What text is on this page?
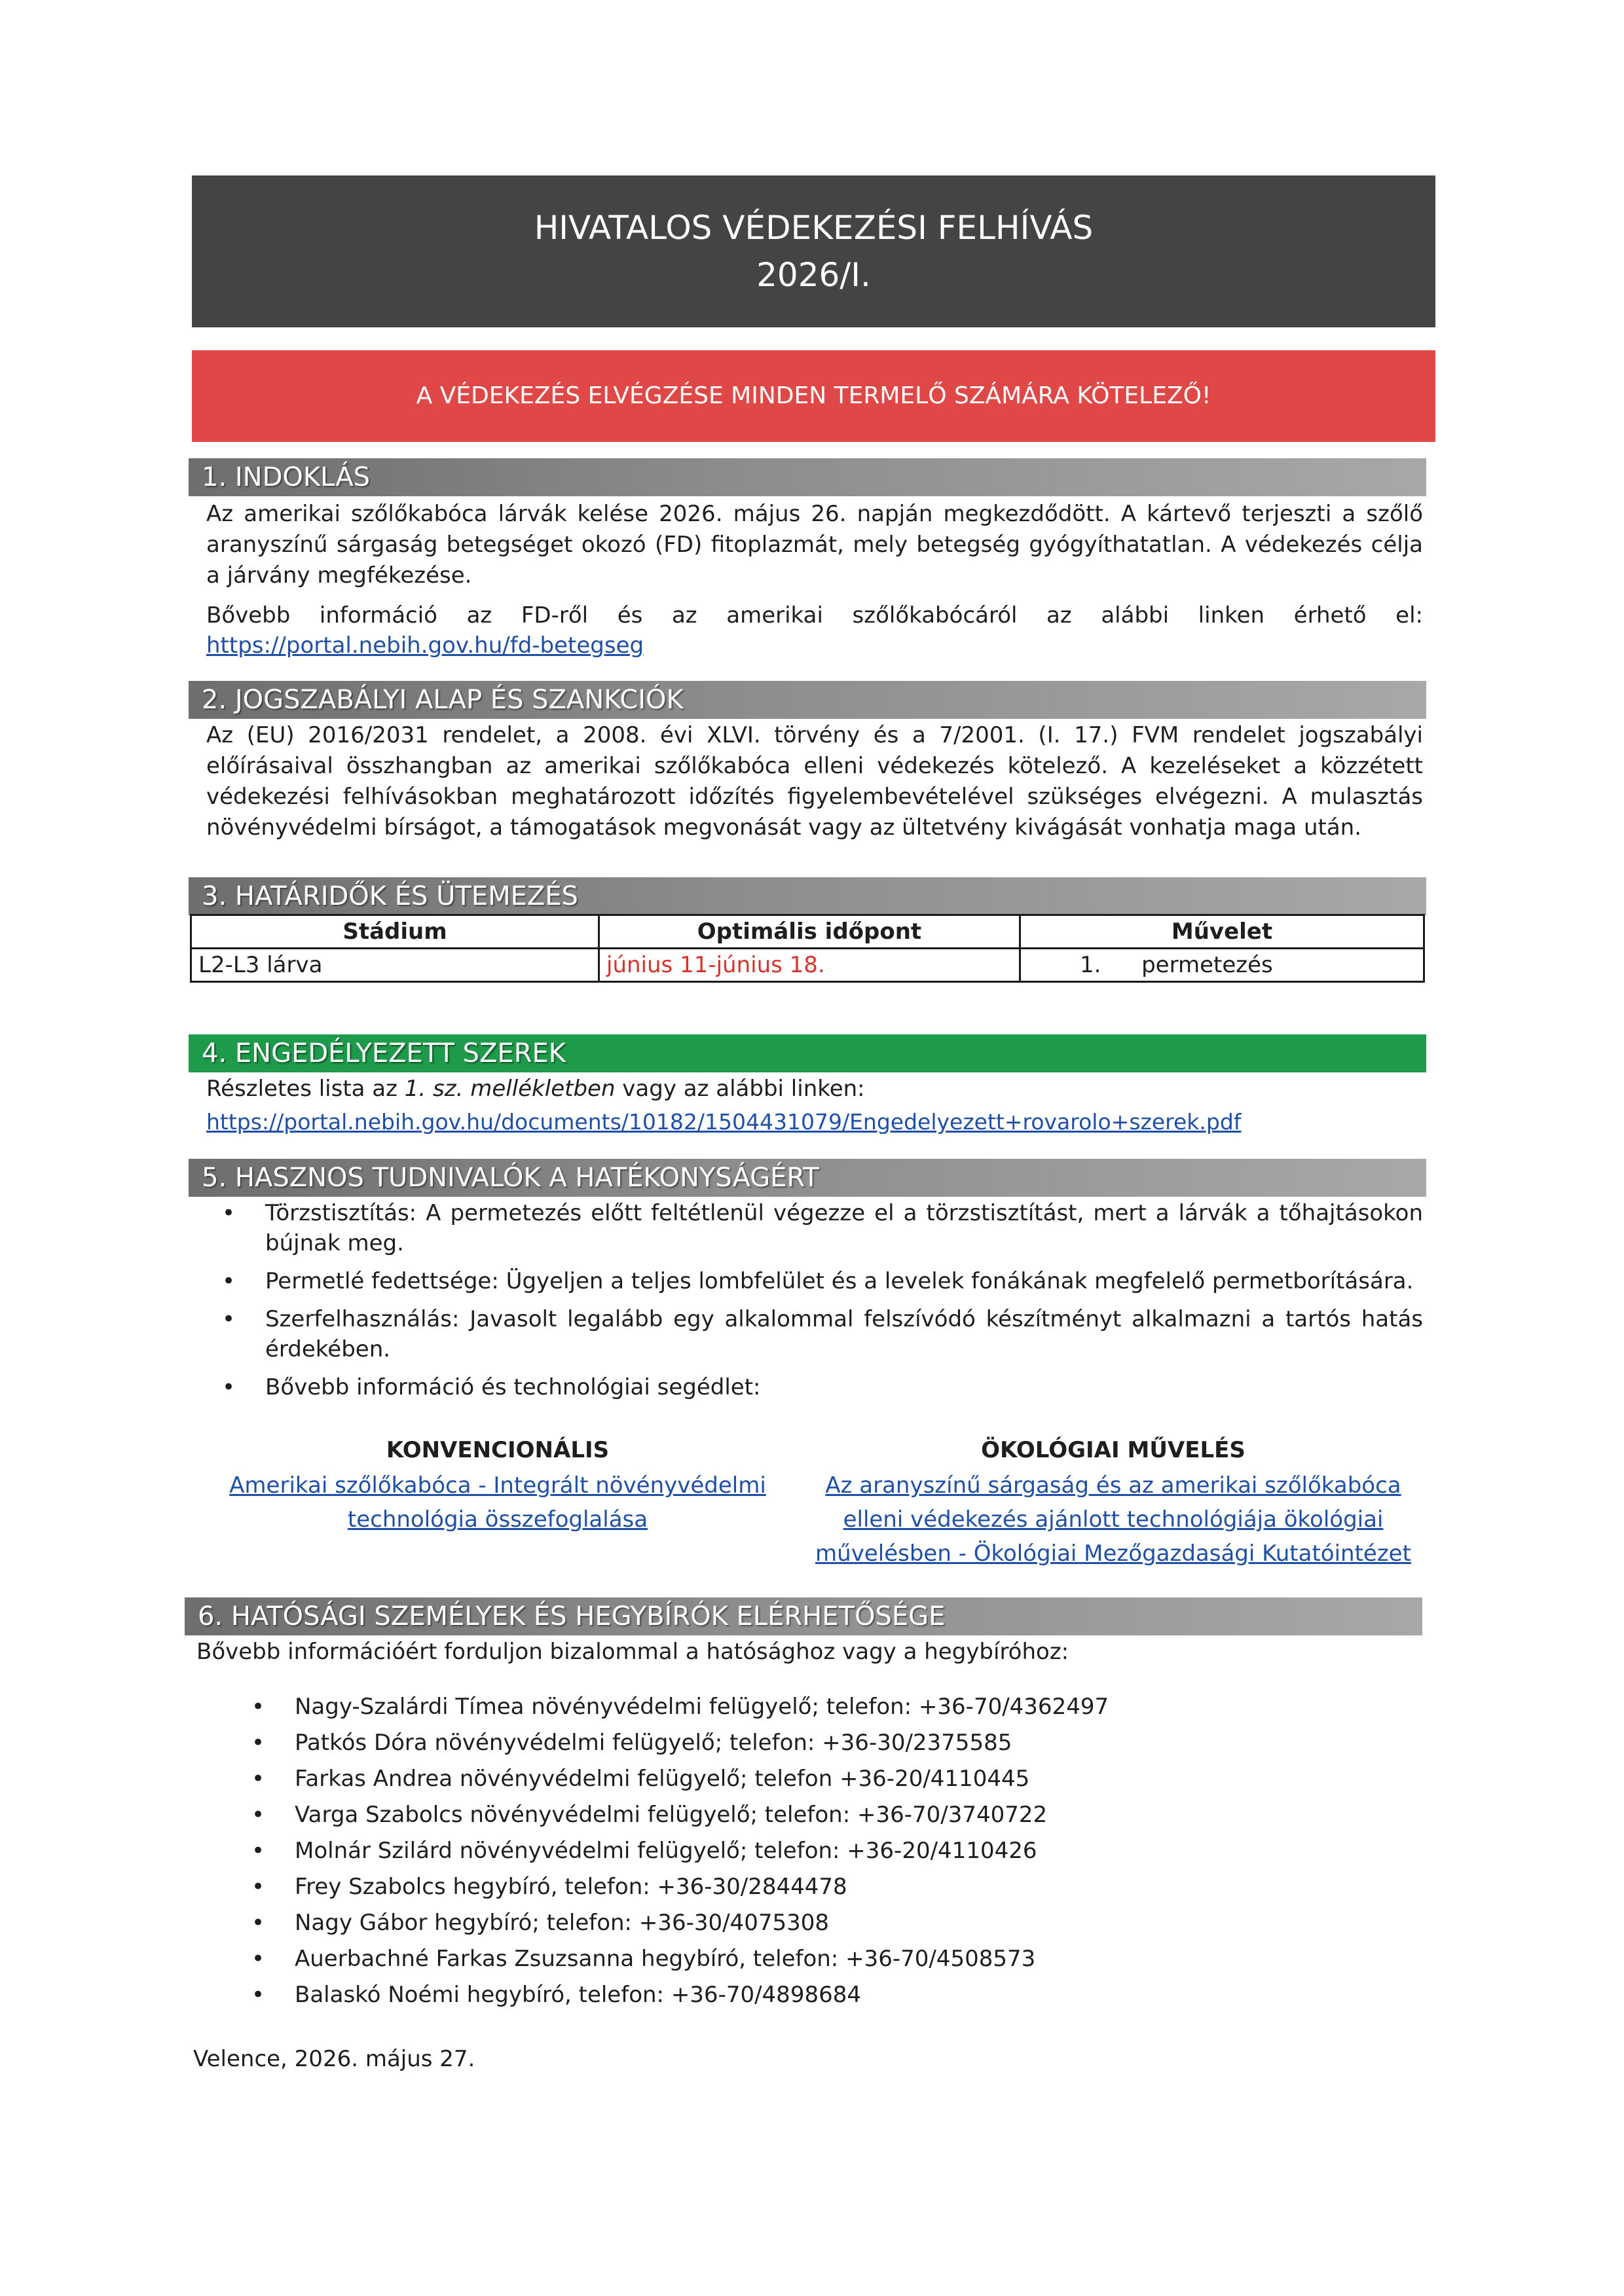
HIVATALOS VÉDEKEZÉSI FELHÍVÁS
2026/I.
A VÉDEKEZÉS ELVÉGZÉSE MINDEN TERMELŐ SZÁMÁRA KÖTELEZŐ!
1. INDOKLÁS
Az amerikai szőlőkabóca lárvák kelése 2026. május 26. napján megkezdődött. A kártevő terjeszti a szőlő aranyszínű sárgaság betegséget okozó (FD) fitoplazmát, mely betegség gyógyíthatatlan. A védekezés célja a járvány megfékezése.
Bővebb információ az FD-ről és az amerikai szőlőkabócáról az alábbi linken érhető el:
https://portal.nebih.gov.hu/fd-betegseg
2. JOGSZABÁLYI ALAP ÉS SZANKCIÓK
Az (EU) 2016/2031 rendelet, a 2008. évi XLVI. törvény és a 7/2001. (I. 17.) FVM rendelet jogszabályi előírásaival összhangban az amerikai szőlőkabóca elleni védekezés kötelező. A kezeléseket a közzétett védekezési felhívásokban meghatározott időzítés figyelembevételével szükséges elvégezni. A mulasztás növényvédelmi bírságot, a támogatások megvonását vagy az ültetvény kivágását vonhatja maga után.
3. HATÁRIDŐK ÉS ÜTEMEZÉS
Stádium	Optimális időpont	Művelet
L2-L3 lárva	június 11-június 18.	1. permetezés
4. ENGEDÉLYEZETT SZEREK
Részletes lista az 1. sz. mellékletben vagy az alábbi linken:
https://portal.nebih.gov.hu/documents/10182/1504431079/Engedelyezett+rovarolo+szerek.pdf
5. HASZNOS TUDNIVALÓK A HATÉKONYSÁGÉRT
• Törzstisztítás: A permetezés előtt feltétlenül végezze el a törzstisztítást, mert a lárvák a tőhajtásokon bújnak meg.
• Permetlé fedettsége: Ügyeljen a teljes lombfelület és a levelek fonákának megfelelő permetborítására.
• Szerfelhasználás: Javasolt legalább egy alkalommal felszívódó készítményt alkalmazni a tartós hatás érdekében.
• Bővebb információ és technológiai segédlet:
KONVENCIONÁLIS
Amerikai szőlőkabóca - Integrált növényvédelmi
technológia összefoglalása
ÖKOLÓGIAI MŰVELÉS
Az aranyszínű sárgaság és az amerikai szőlőkabóca
elleni védekezés ajánlott technológiája ökológiai
művelésben - Ökológiai Mezőgazdasági Kutatóintézet
6. HATÓSÁGI SZEMÉLYEK ÉS HEGYBÍRÓK ELÉRHETŐSÉGE
Bővebb információért forduljon bizalommal a hatósághoz vagy a hegybíróhoz:
• Nagy-Szalárdi Tímea növényvédelmi felügyelő; telefon: +36-70/4362497
• Patkós Dóra növényvédelmi felügyelő; telefon: +36-30/2375585
• Farkas Andrea növényvédelmi felügyelő; telefon +36-20/4110445
• Varga Szabolcs növényvédelmi felügyelő; telefon: +36-70/3740722
• Molnár Szilárd növényvédelmi felügyelő; telefon: +36-20/4110426
• Frey Szabolcs hegybíró, telefon: +36-30/2844478
• Nagy Gábor hegybíró; telefon: +36-30/4075308
• Auerbachné Farkas Zsuzsanna hegybíró, telefon: +36-70/4508573
• Balaskó Noémi hegybíró, telefon: +36-70/4898684
Velence, 2026. május 27.
